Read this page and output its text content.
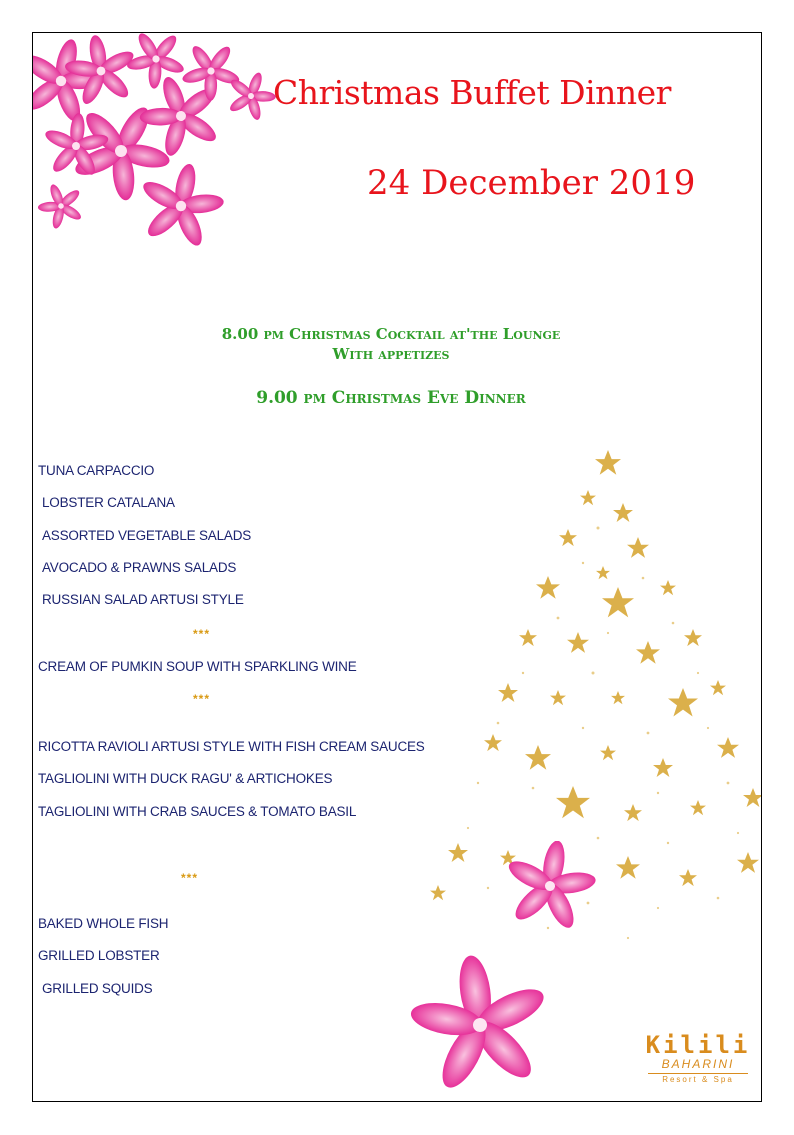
Christmas Buffet Dinner
24 December 2019
8.00 pm Christmas Cocktail at'the Lounge
With appetizes
9.00 pm Christmas Eve Dinner
TUNA CARPACCIO
LOBSTER CATALANA
ASSORTED VEGETABLE SALADS
AVOCADO & PRAWNS SALADS
RUSSIAN SALAD ARTUSI STYLE
***
CREAM OF PUMKIN SOUP WITH SPARKLING WINE
***
RICOTTA RAVIOLI ARTUSI STYLE WITH FISH CREAM SAUCES
TAGLIOLINI WITH DUCK RAGU' & ARTICHOKES
TAGLIOLINI WITH CRAB SAUCES & TOMATO BASIL
***
BAKED WHOLE FISH
GRILLED LOBSTER
GRILLED SQUIDS
Kilili
BAHARINI
Resort & Spa
